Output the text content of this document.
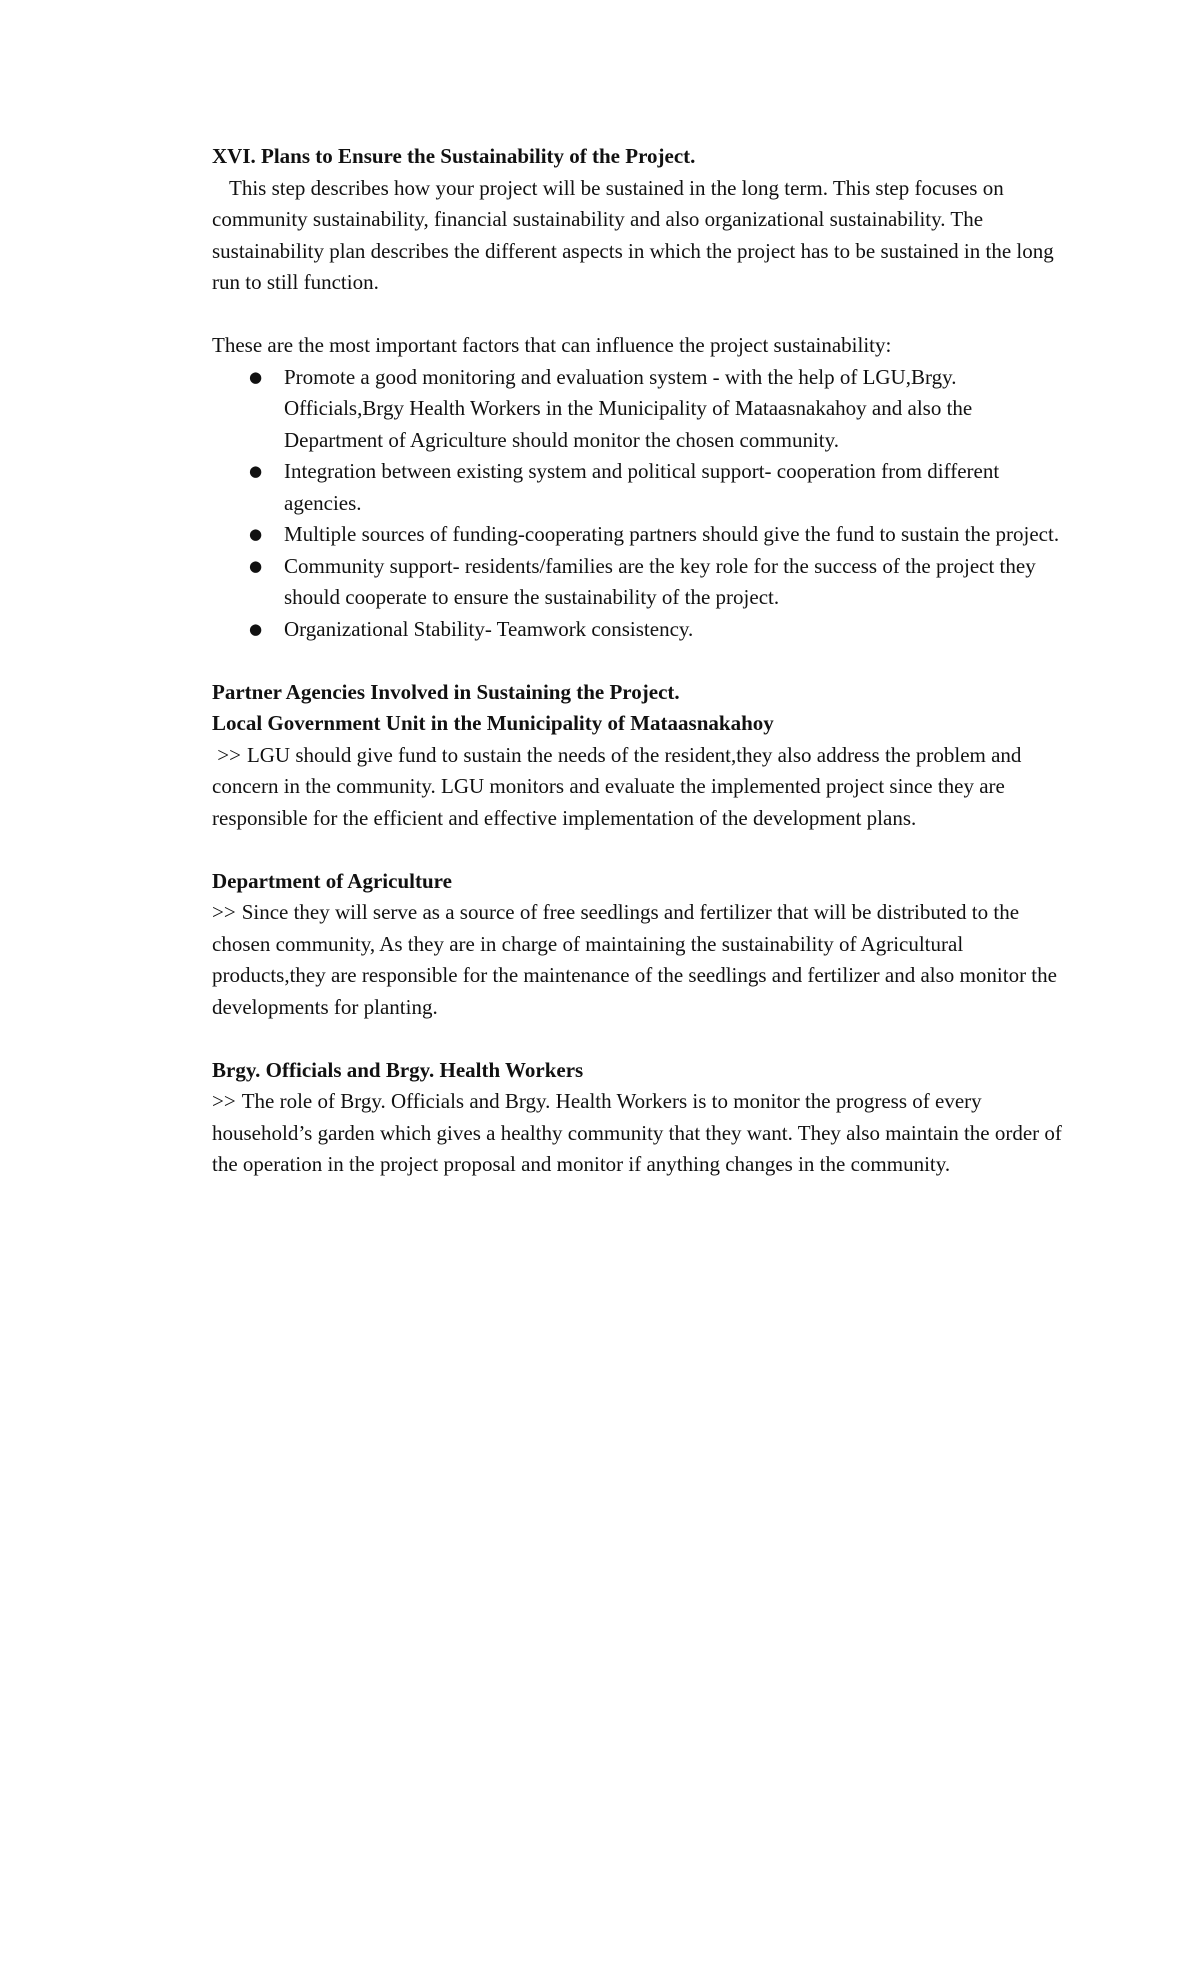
XVI. Plans to Ensure the Sustainability of the Project.

This step describes how your project will be sustained in the long term. This step focuses on community sustainability, financial sustainability and also organizational sustainability. The sustainability plan describes the different aspects in which the project has to be sustained in the long run to still function.

These are the most important factors that can influence the project sustainability:

● Promote a good monitoring and evaluation system - with the help of LGU,Brgy. Officials,Brgy Health Workers in the Municipality of Mataasnakahoy and also the Department of Agriculture should monitor the chosen community.
● Integration between existing system and political support- cooperation from different agencies.
● Multiple sources of funding-cooperating partners should give the fund to sustain the project.
● Community support- residents/families are the key role for the success of the project they should cooperate to ensure the sustainability of the project.
● Organizational Stability- Teamwork consistency.

Partner Agencies Involved in Sustaining the Project.

Local Government Unit in the Municipality of Mataasnakahoy

>> LGU should give fund to sustain the needs of the resident,they also address the problem and concern in the community. LGU monitors and evaluate the implemented project since they are responsible for the efficient and effective implementation of the development plans.

Department of Agriculture

>> Since they will serve as a source of free seedlings and fertilizer that will be distributed to the chosen community, As they are in charge of maintaining the sustainability of Agricultural products,they are responsible for the maintenance of the seedlings and fertilizer and also monitor the developments for planting.

Brgy. Officials and Brgy. Health Workers

>> The role of Brgy. Officials and Brgy. Health Workers is to monitor the progress of every household’s garden which gives a healthy community that they want. They also maintain the order of the operation in the project proposal and monitor if anything changes in the community.
